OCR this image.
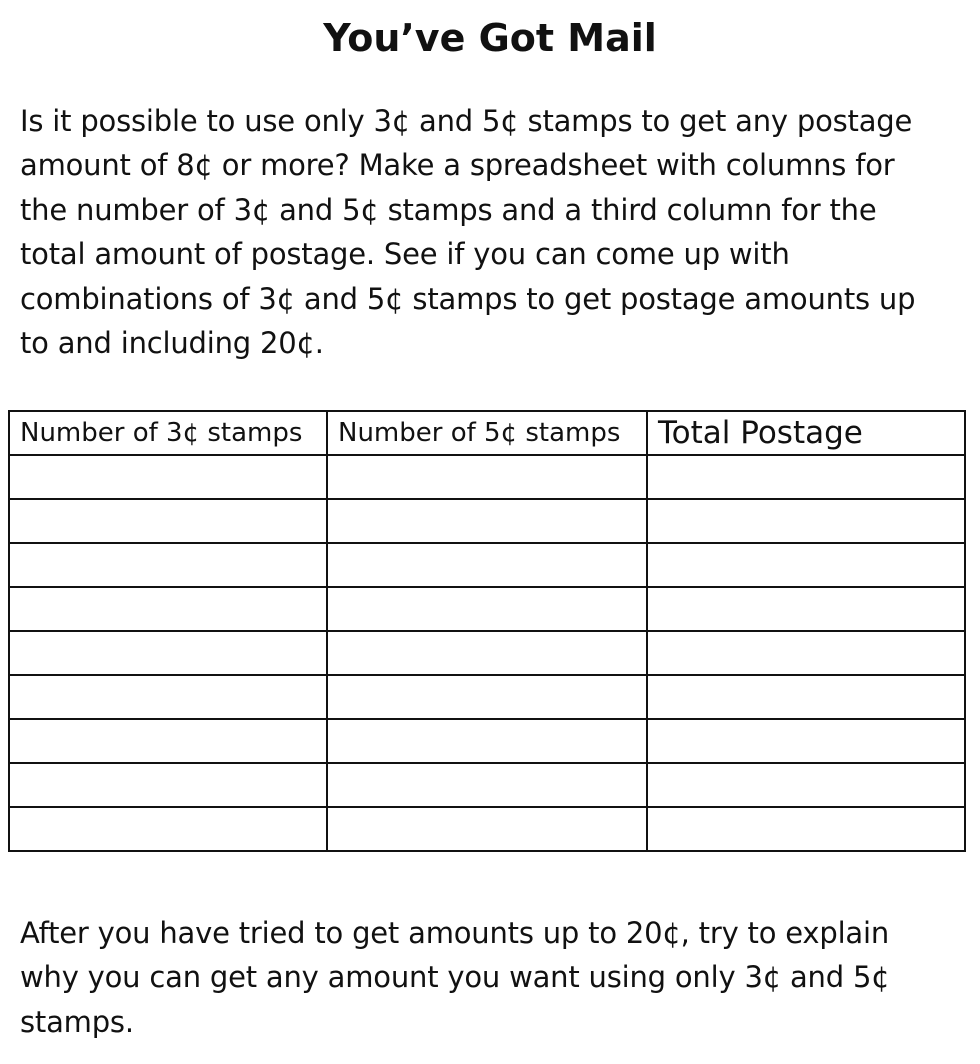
You’ve Got Mail
Is it possible to use only 3¢ and 5¢ stamps to get any postage
amount of 8¢ or more? Make a spreadsheet with columns for
the number of 3¢ and 5¢ stamps and a third column for the
total amount of postage. See if you can come up with
combinations of 3¢ and 5¢ stamps to get postage amounts up
to and including 20¢.
Number of 3¢ stamps	Number of 5¢ stamps	Total Postage

After you have tried to get amounts up to 20¢, try to explain
why you can get any amount you want using only 3¢ and 5¢
stamps.
